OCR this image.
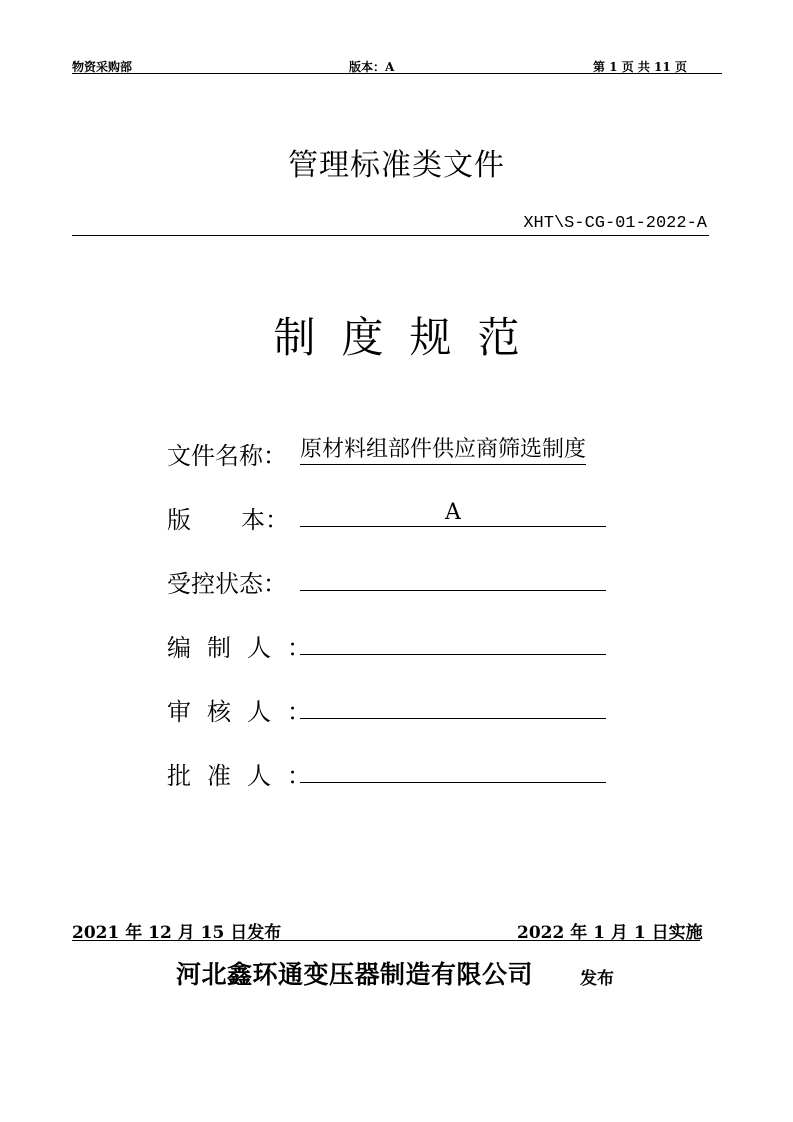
物资采购部	版本：A	第 1 页 共 11 页
管理标准类文件
XHT\S-CG-01-2022-A
制度规范
文件名称： 原材料组部件供应商筛选制度
版 本：	A
受控状态：
编制人：
审核人：
批准人：
2021 年 12 月 15 日发布	2022 年 1 月 1 日实施
河北鑫环通变压器制造有限公司	发布
